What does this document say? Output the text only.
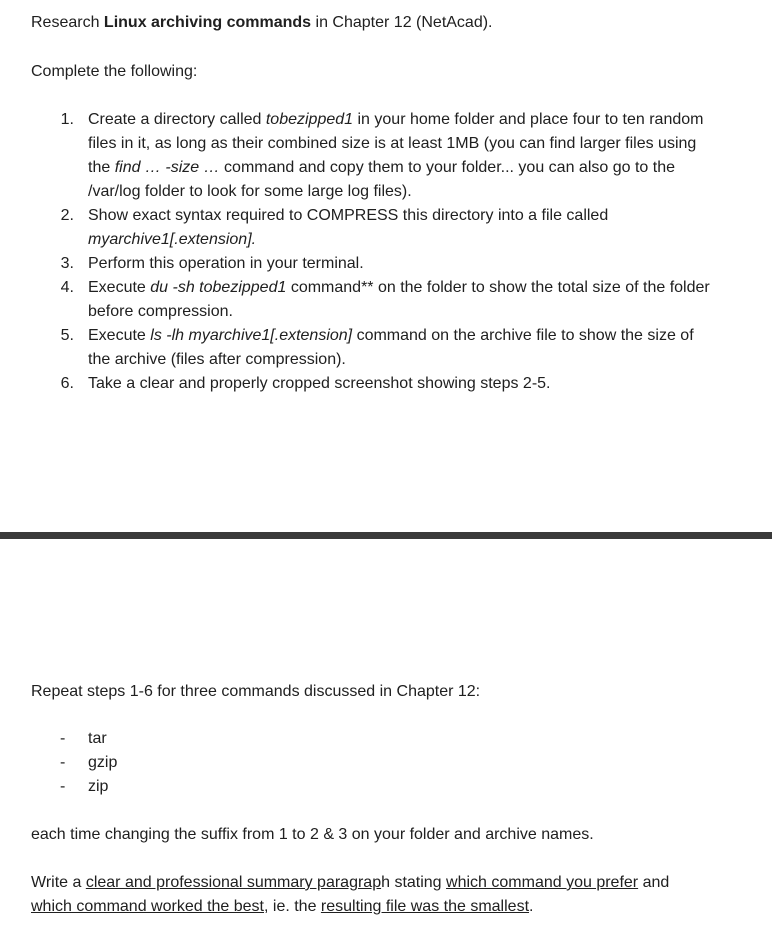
Research Linux archiving commands in Chapter 12 (NetAcad).
Complete the following:
1. Create a directory called tobezipped1 in your home folder and place four to ten random
files in it, as long as their combined size is at least 1MB (you can find larger files using
the find … -size … command and copy them to your folder... you can also go to the
/var/log folder to look for some large log files).
2. Show exact syntax required to COMPRESS this directory into a file called
myarchive1[.extension].
3. Perform this operation in your terminal.
4. Execute du -sh tobezipped1 command** on the folder to show the total size of the folder
before compression.
5. Execute ls -lh myarchive1[.extension] command on the archive file to show the size of
the archive (files after compression).
6. Take a clear and properly cropped screenshot showing steps 2-5.
Repeat steps 1-6 for three commands discussed in Chapter 12:
- tar
- gzip
- zip
each time changing the suffix from 1 to 2 & 3 on your folder and archive names.
Write a clear and professional summary paragraph stating which command you prefer and
which command worked the best, ie. the resulting file was the smallest.
